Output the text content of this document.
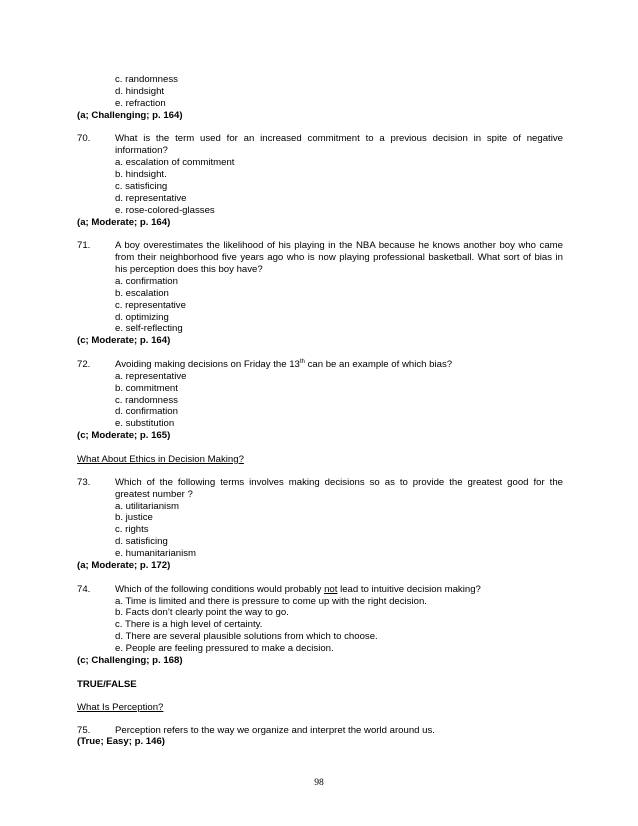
c. randomness
d. hindsight
e. refraction
(a; Challenging; p. 164)
70.	What is the term used for an increased commitment to a previous decision in spite of negative information?
a. escalation of commitment
b. hindsight.
c. satisficing
d. representative
e. rose-colored-glasses
(a; Moderate; p. 164)
71.	A boy overestimates the likelihood of his playing in the NBA because he knows another boy who came from their neighborhood five years ago who is now playing professional basketball. What sort of bias in his perception does this boy have?
a. confirmation
b. escalation
c. representative
d. optimizing
e. self-reflecting
(c; Moderate; p. 164)
72.	Avoiding making decisions on Friday the 13th can be an example of which bias?
a. representative
b. commitment
c. randomness
d. confirmation
e. substitution
(c; Moderate; p. 165)
What About Ethics in Decision Making?
73.	Which of the following terms involves making decisions so as to provide the greatest good for the greatest number ?
a. utilitarianism
b. justice
c. rights
d. satisficing
e. humanitarianism
(a; Moderate; p. 172)
74.	Which of the following conditions would probably not lead to intuitive decision making?
a. Time is limited and there is pressure to come up with the right decision.
b. Facts don’t clearly point the way to go.
c. There is a high level of certainty.
d. There are several plausible solutions from which to choose.
e. People are feeling pressured to make a decision.
(c; Challenging; p. 168)
TRUE/FALSE
What Is Perception?
75.	Perception refers to the way we organize and interpret the world around us.
(True; Easy; p. 146)
98
